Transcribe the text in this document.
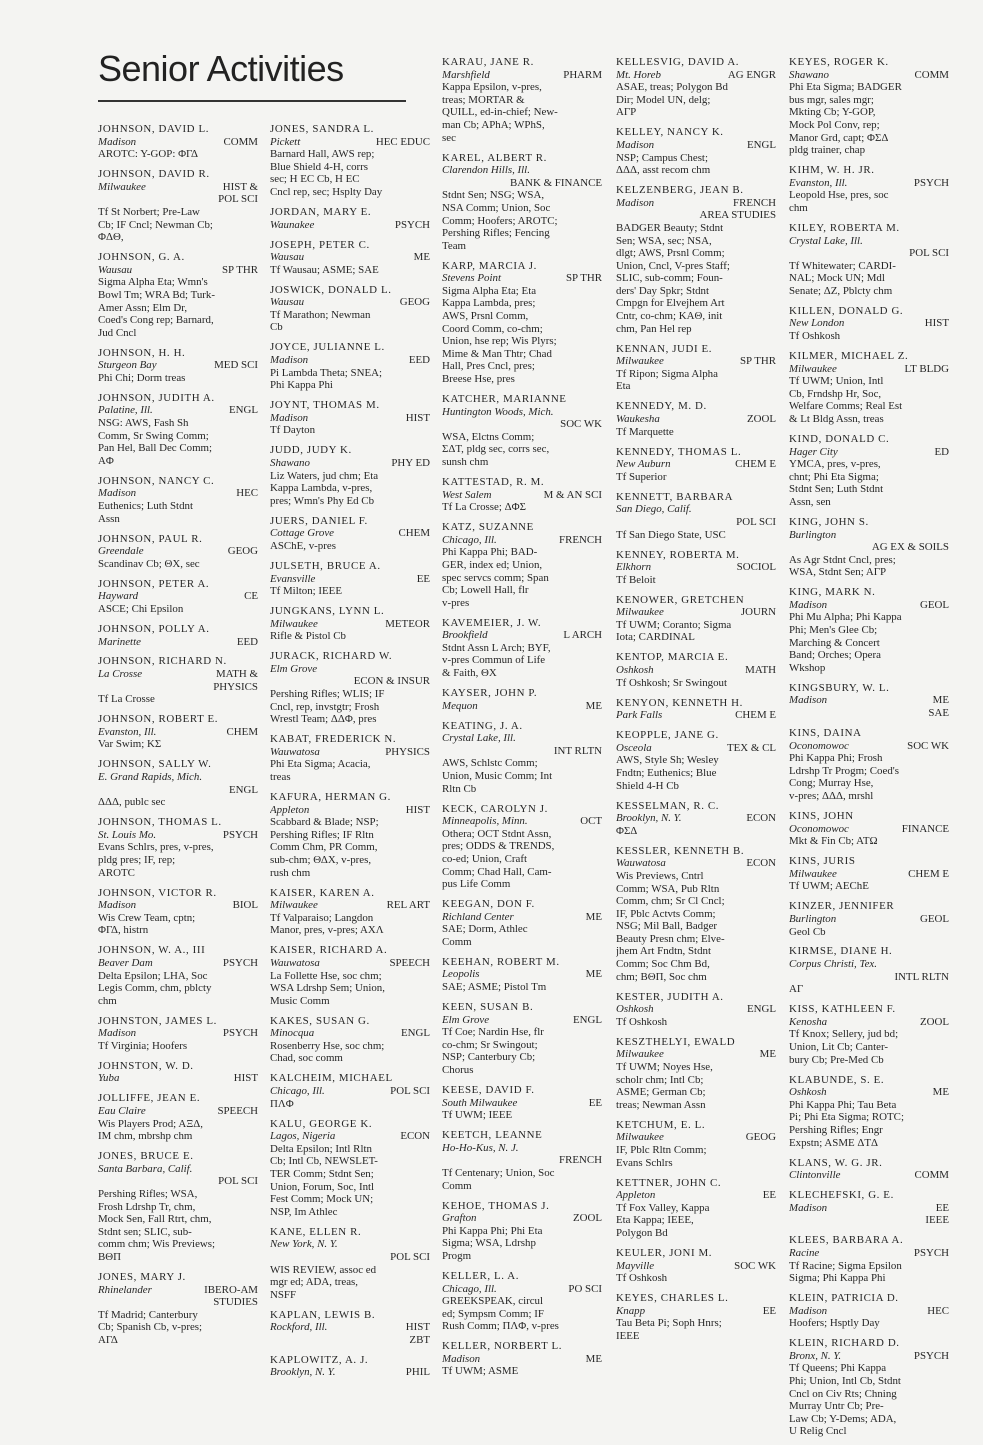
Senior Activities
JOHNSON, DAVID L.
Madison	COMM
AROTC: Y-GOP: ΦΓΔ
JOHNSON, DAVID R.
Milwaukee	HIST &
POL SCI
Tf St Norbert; Pre-Law
Cb; IF Cncl; Newman Cb;
ΦΔΘ,
JOHNSON, G. A.
Wausau	SP THR
Sigma Alpha Eta; Wmn's
Bowl Tm; WRA Bd; Turk-
Amer Assn; Elm Dr,
Coed's Cong rep; Barnard,
Jud Cncl
JOHNSON, H. H.
Sturgeon Bay	MED SCI
Phi Chi; Dorm treas
JOHNSON, JUDITH A.
Palatine, Ill.	ENGL
NSG: AWS, Fash Sh
Comm, Sr Swing Comm;
Pan Hel, Ball Dec Comm;
AΦ
JOHNSON, NANCY C.
Madison	HEC
Euthenics; Luth Stdnt
Assn
JOHNSON, PAUL R.
Greendale	GEOG
Scandinav Cb; ΘX, sec
JOHNSON, PETER A.
Hayward	CE
ASCE; Chi Epsilon
JOHNSON, POLLY A.
Marinette	EED
JOHNSON, RICHARD N.
La Crosse	MATH &
PHYSICS
Tf La Crosse
JOHNSON, ROBERT E.
Evanston, Ill.	CHEM
Var Swim; KΣ
JOHNSON, SALLY W.
E. Grand Rapids, Mich.
ENGL
ΔΔΔ, publc sec
JOHNSON, THOMAS L.
St. Louis Mo.	PSYCH
Evans Schlrs, pres, v-pres,
pldg pres; IF, rep;
AROTC
JOHNSON, VICTOR R.
Madison	BIOL
Wis Crew Team, cptn;
ΦΓΔ, histrn
JOHNSON, W. A., III
Beaver Dam	PSYCH
Delta Epsilon; LHA, Soc
Legis Comm, chm, pblcty
chm
JOHNSTON, JAMES L.
Madison	PSYCH
Tf Virginia; Hoofers
JOHNSTON, W. D.
Yuba	HIST
JOLLIFFE, JEAN E.
Eau Claire	SPEECH
Wis Players Prod; AΞΔ,
IM chm, mbrshp chm
JONES, BRUCE E.
Santa Barbara, Calif.
POL SCI
Pershing Rifles; WSA,
Frosh Ldrshp Tr, chm,
Mock Sen, Fall Rtrt, chm,
Stdnt sen; SLIC, sub-
comm chm; Wis Previews;
BΘΠ
JONES, MARY J.
Rhinelander	IBERO-AM
STUDIES
Tf Madrid; Canterbury
Cb; Spanish Cb, v-pres;
AΓΔ
JONES, SANDRA L.
Pickett	HEC EDUC
Barnard Hall, AWS rep;
Blue Shield 4-H, corrs
sec; H EC Cb, H EC
Cncl rep, sec; Hsplty Day
JORDAN, MARY E.
Waunakee	PSYCH
JOSEPH, PETER C.
Wausau	ME
Tf Wausau; ASME; SAE
JOSWICK, DONALD L.
Wausau	GEOG
Tf Marathon; Newman
Cb
JOYCE, JULIANNE L.
Madison	EED
Pi Lambda Theta; SNEA;
Phi Kappa Phi
JOYNT, THOMAS M.
Madison	HIST
Tf Dayton
JUDD, JUDY K.
Shawano	PHY ED
Liz Waters, jud chm; Eta
Kappa Lambda, v-pres,
pres; Wmn's Phy Ed Cb
JUERS, DANIEL F.
Cottage Grove	CHEM
ASChE, v-pres
JULSETH, BRUCE A.
Evansville	EE
Tf Milton; IEEE
JUNGKANS, LYNN L.
Milwaukee	METEOR
Rifle & Pistol Cb
JURACK, RICHARD W.
Elm Grove
ECON & INSUR
Pershing Rifles; WLIS; IF
Cncl, rep, invstgtr; Frosh
Wrestl Team; ΔΔΦ, pres
KABAT, FREDERICK N.
Wauwatosa	PHYSICS
Phi Eta Sigma; Acacia,
treas
KAFURA, HERMAN G.
Appleton	HIST
Scabbard & Blade; NSP;
Pershing Rifles; IF Rltn
Comm Chm, PR Comm,
sub-chm; ΘΔX, v-pres,
rush chm
KAISER, KAREN A.
Milwaukee	REL ART
Tf Valparaiso; Langdon
Manor, pres, v-pres; AXΛ
KAISER, RICHARD A.
Wauwatosa	SPEECH
La Follette Hse, soc chm;
WSA Ldrshp Sem; Union,
Music Comm
KAKES, SUSAN G.
Minocqua	ENGL
Rosenberry Hse, soc chm;
Chad, soc comm
KALCHEIM, MICHAEL
Chicago, Ill.	POL SCI
ΠΛΦ
KALU, GEORGE K.
Lagos, Nigeria	ECON
Delta Epsilon; Intl Rltn
Cb; Intl Cb, NEWSLET-
TER Comm; Stdnt Sen;
Union, Forum, Soc, Intl
Fest Comm; Mock UN;
NSP, Im Athlec
KANE, ELLEN R.
New York, N. Y.
POL SCI
WIS REVIEW, assoc ed
mgr ed; ADA, treas,
NSFF
KAPLAN, LEWIS B.
Rockford, Ill.	HIST
ZBT
KAPLOWITZ, A. J.
Brooklyn, N. Y.	PHIL
KARAU, JANE R.
Marshfield	PHARM
Kappa Epsilon, v-pres,
treas; MORTAR &
QUILL, ed-in-chief; New-
man Cb; APhA; WPhS,
sec
KAREL, ALBERT R.
Clarendon Hills, Ill.
BANK & FINANCE
Stdnt Sen; NSG; WSA,
NSA Comm; Union, Soc
Comm; Hoofers; AROTC;
Pershing Rifles; Fencing
Team
KARP, MARCIA J.
Stevens Point	SP THR
Sigma Alpha Eta; Eta
Kappa Lambda, pres;
AWS, Prsnl Comm,
Coord Comm, co-chm;
Union, hse rep; Wis Plyrs;
Mime & Man Thtr; Chad
Hall, Pres Cncl, pres;
Breese Hse, pres
KATCHER, MARIANNE
Huntington Woods, Mich.
SOC WK
WSA, Elctns Comm;
ΣΔT, pldg sec, corrs sec,
sunsh chm
KATTESTAD, R. M.
West Salem	M & AN SCI
Tf La Crosse; ΔΦΣ
KATZ, SUZANNE
Chicago, Ill.	FRENCH
Phi Kappa Phi; BAD-
GER, index ed; Union,
spec servcs comm; Span
Cb; Lowell Hall, flr
v-pres
KAVEMEIER, J. W.
Brookfield	L ARCH
Stdnt Assn L Arch; BYF,
v-pres Commun of Life
& Faith, ΘX
KAYSER, JOHN P.
Mequon	ME
KEATING, J. A.
Crystal Lake, Ill.
INT RLTN
AWS, Schlstc Comm;
Union, Music Comm; Int
Rltn Cb
KECK, CAROLYN J.
Minneapolis, Minn.	OCT
Othera; OCT Stdnt Assn,
pres; ODDS & TRENDS,
co-ed; Union, Craft
Comm; Chad Hall, Cam-
pus Life Comm
KEEGAN, DON F.
Richland Center	ME
SAE; Dorm, Athlec
Comm
KEEHAN, ROBERT M.
Leopolis	ME
SAE; ASME; Pistol Tm
KEEN, SUSAN B.
Elm Grove	ENGL
Tf Coe; Nardin Hse, flr
co-chm; Sr Swingout;
NSP; Canterbury Cb;
Chorus
KEESE, DAVID F.
South Milwaukee	EE
Tf UWM; IEEE
KEETCH, LEANNE
Ho-Ho-Kus, N. J.
FRENCH
Tf Centenary; Union, Soc
Comm
KEHOE, THOMAS J.
Grafton	ZOOL
Phi Kappa Phi; Phi Eta
Sigma; WSA, Ldrshp
Progm
KELLER, L. A.
Chicago, Ill.	PO SCI
GREEKSPEAK, circul
ed; Sympsm Comm; IF
Rush Comm; ΠΛΦ, v-pres
KELLER, NORBERT L.
Madison	ME
Tf UWM; ASME
KELLESVIG, DAVID A.
Mt. Horeb	AG ENGR
ASAE, treas; Polygon Bd
Dir; Model UN, delg;
AΓP
KELLEY, NANCY K.
Madison	ENGL
NSP; Campus Chest;
ΔΔΔ, asst recom chm
KELZENBERG, JEAN B.
Madison	FRENCH
AREA STUDIES
BADGER Beauty; Stdnt
Sen; WSA, sec; NSA,
dlgt; AWS, Prsnl Comm;
Union, Cncl, V-pres Staff;
SLIC, sub-comm; Foun-
ders' Day Spkr; Stdnt
Cmpgn for Elvejhem Art
Cntr, co-chm; KAΘ, init
chm, Pan Hel rep
KENNAN, JUDI E.
Milwaukee	SP THR
Tf Ripon; Sigma Alpha
Eta
KENNEDY, M. D.
Waukesha	ZOOL
Tf Marquette
KENNEDY, THOMAS L.
New Auburn	CHEM E
Tf Superior
KENNETT, BARBARA
San Diego, Calif.
POL SCI
Tf San Diego State, USC
KENNEY, ROBERTA M.
Elkhorn	SOCIOL
Tf Beloit
KENOWER, GRETCHEN
Milwaukee	JOURN
Tf UWM; Coranto; Sigma
Iota; CARDINAL
KENTOP, MARCIA E.
Oshkosh	MATH
Tf Oshkosh; Sr Swingout
KENYON, KENNETH H.
Park Falls	CHEM E
KEOPPLE, JANE G.
Osceola	TEX & CL
AWS, Style Sh; Wesley
Fndtn; Euthenics; Blue
Shield 4-H Cb
KESSELMAN, R. C.
Brooklyn, N. Y.	ECON
ΦΣΔ
KESSLER, KENNETH B.
Wauwatosa	ECON
Wis Previews, Cntrl
Comm; WSA, Pub Rltn
Comm, chm; Sr Cl Cncl;
IF, Pblc Actvts Comm;
NSG; Mil Ball, Badger
Beauty Presn chm; Elve-
jhem Art Fndtn, Stdnt
Comm; Soc Chm Bd,
chm; BΘΠ, Soc chm
KESTER, JUDITH A.
Oshkosh	ENGL
Tf Oshkosh
KESZTHELYI, EWALD
Milwaukee	ME
Tf UWM; Noyes Hse,
scholr chm; Intl Cb;
ASME; German Cb;
treas; Newman Assn
KETCHUM, E. L.
Milwaukee	GEOG
IF, Pblc Rltn Comm;
Evans Schlrs
KETTNER, JOHN C.
Appleton	EE
Tf Fox Valley, Kappa
Eta Kappa; IEEE,
Polygon Bd
KEULER, JONI M.
Mayville	SOC WK
Tf Oshkosh
KEYES, CHARLES L.
Knapp	EE
Tau Beta Pi; Soph Hnrs;
IEEE
KEYES, ROGER K.
Shawano	COMM
Phi Eta Sigma; BADGER
bus mgr, sales mgr;
Mkting Cb; Y-GOP,
Mock Pol Conv, rep;
Manor Grd, capt; ΦΣΔ
pldg trainer, chap
KIHM, W. H. JR.
Evanston, Ill.	PSYCH
Leopold Hse, pres, soc
chm
KILEY, ROBERTA M.
Crystal Lake, Ill.
POL SCI
Tf Whitewater; CARDI-
NAL; Mock UN; Mdl
Senate; ΔZ, Pblcty chm
KILLEN, DONALD G.
New London	HIST
Tf Oshkosh
KILMER, MICHAEL Z.
Milwaukee	LT BLDG
Tf UWM; Union, Intl
Cb, Frndshp Hr, Soc,
Welfare Comms; Real Est
& Lt Bldg Assn, treas
KIND, DONALD C.
Hager City	ED
YMCA, pres, v-pres,
chnt; Phi Eta Sigma;
Stdnt Sen; Luth Stdnt
Assn, sen
KING, JOHN S.
Burlington
AG EX & SOILS
As Agr Stdnt Cncl, pres;
WSA, Stdnt Sen; AΓP
KING, MARK N.
Madison	GEOL
Phi Mu Alpha; Phi Kappa
Phi; Men's Glee Cb;
Marching & Concert
Band; Orches; Opera
Wkshop
KINGSBURY, W. L.
Madison	ME
SAE
KINS, DAINA
Oconomowoc	SOC WK
Phi Kappa Phi; Frosh
Ldrshp Tr Progm; Coed's
Cong; Murray Hse,
v-pres; ΔΔΔ, mrshl
KINS, JOHN
Oconomowoc	FINANCE
Mkt & Fin Cb; ATΩ
KINS, JURIS
Milwaukee	CHEM E
Tf UWM; AEChE
KINZER, JENNIFER
Burlington	GEOL
Geol Cb
KIRMSE, DIANE H.
Corpus Christi, Tex.
INTL RLTN
AΓ
KISS, KATHLEEN F.
Kenosha	ZOOL
Tf Knox; Sellery, jud bd;
Union, Lit Cb; Canter-
bury Cb; Pre-Med Cb
KLABUNDE, S. E.
Oshkosh	ME
Phi Kappa Phi; Tau Beta
Pi; Phi Eta Sigma; ROTC;
Pershing Rifles; Engr
Expstn; ASME ΔTΔ
KLANS, W. G. JR.
Clintonville	COMM
KLECHEFSKI, G. E.
Madison	EE
IEEE
KLEES, BARBARA A.
Racine	PSYCH
Tf Racine; Sigma Epsilon
Sigma; Phi Kappa Phi
KLEIN, PATRICIA D.
Madison	HEC
Hoofers; Hsptly Day
KLEIN, RICHARD D.
Bronx, N. Y.	PSYCH
Tf Queens; Phi Kappa
Phi; Union, Intl Cb, Stdnt
Cncl on Civ Rts; Chning
Murray Untr Cb; Pre-
Law Cb; Y-Dems; ADA,
U Relig Cncl
